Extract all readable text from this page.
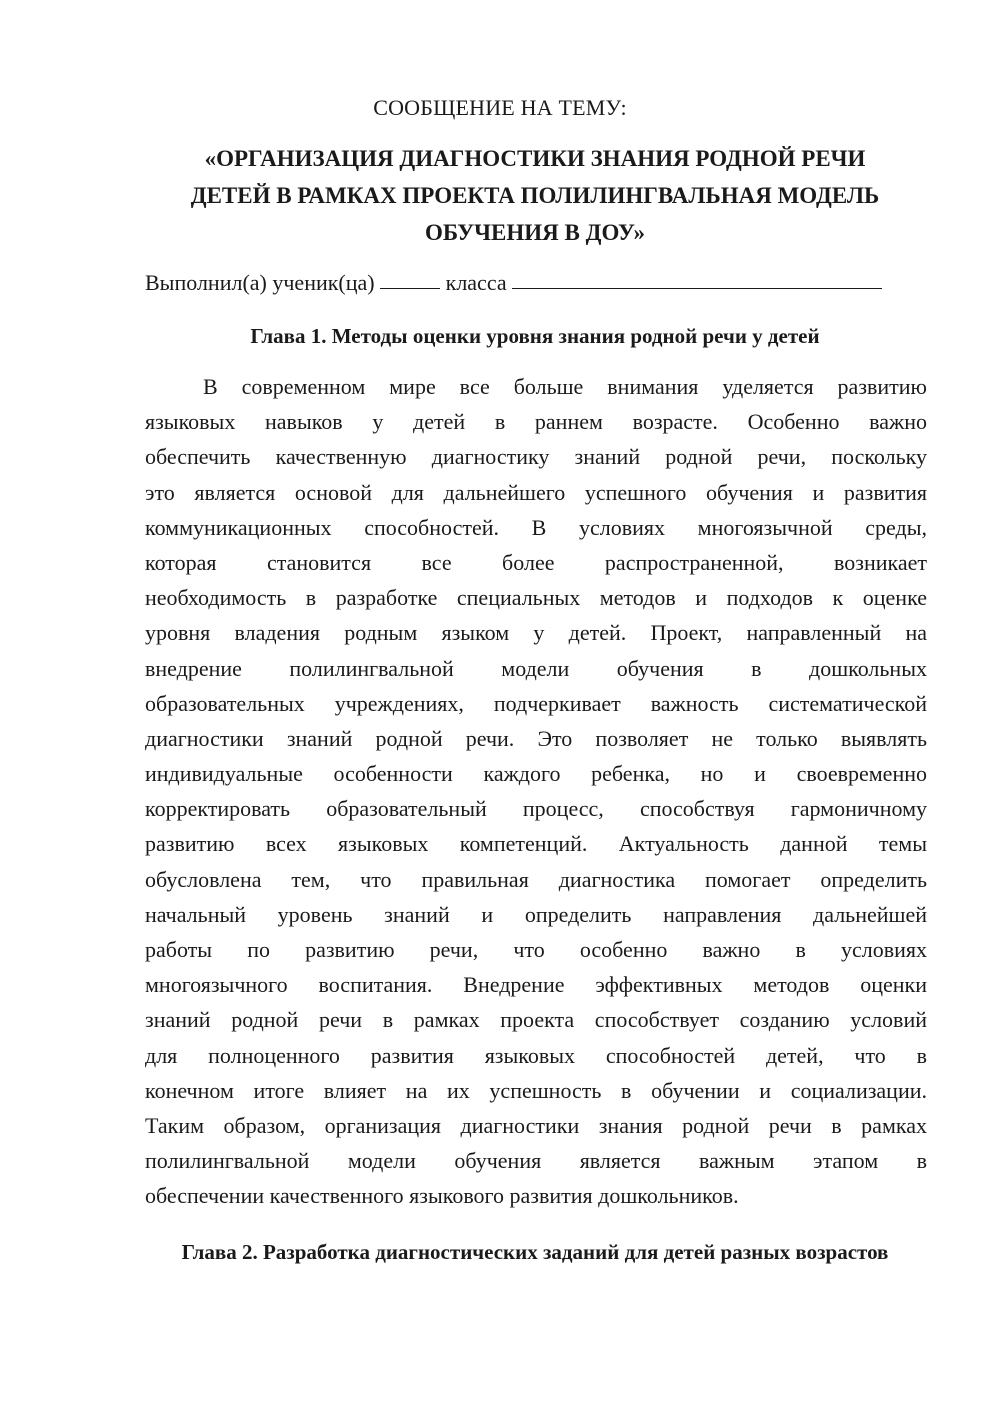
СООБЩЕНИЕ НА ТЕМУ:
«ОРГАНИЗАЦИЯ ДИАГНОСТИКИ ЗНАНИЯ РОДНОЙ РЕЧИ
ДЕТЕЙ В РАМКАХ ПРОЕКТА ПОЛИЛИНГВАЛЬНАЯ МОДЕЛЬ
ОБУЧЕНИЯ В ДОУ»
Выполнил(а) ученик(ца)	класса
Глава 1. Методы оценки уровня знания родной речи у детей
В современном мире все больше внимания уделяется развитию
языковых навыков у детей в раннем возрасте. Особенно важно
обеспечить качественную диагностику знаний родной речи, поскольку
это является основой для дальнейшего успешного обучения и развития
коммуникационных способностей. В условиях многоязычной среды,
которая становится все более распространенной, возникает
необходимость в разработке специальных методов и подходов к оценке
уровня владения родным языком у детей. Проект, направленный на
внедрение полилингвальной модели обучения в дошкольных
образовательных учреждениях, подчеркивает важность систематической
диагностики знаний родной речи. Это позволяет не только выявлять
индивидуальные особенности каждого ребенка, но и своевременно
корректировать образовательный процесс, способствуя гармоничному
развитию всех языковых компетенций. Актуальность данной темы
обусловлена тем, что правильная диагностика помогает определить
начальный уровень знаний и определить направления дальнейшей
работы по развитию речи, что особенно важно в условиях
многоязычного воспитания. Внедрение эффективных методов оценки
знаний родной речи в рамках проекта способствует созданию условий
для полноценного развития языковых способностей детей, что в
конечном итоге влияет на их успешность в обучении и социализации.
Таким образом, организация диагностики знания родной речи в рамках
полилингвальной модели обучения является важным этапом в
обеспечении качественного языкового развития дошкольников.
Глава 2. Разработка диагностических заданий для детей разных возрастов
